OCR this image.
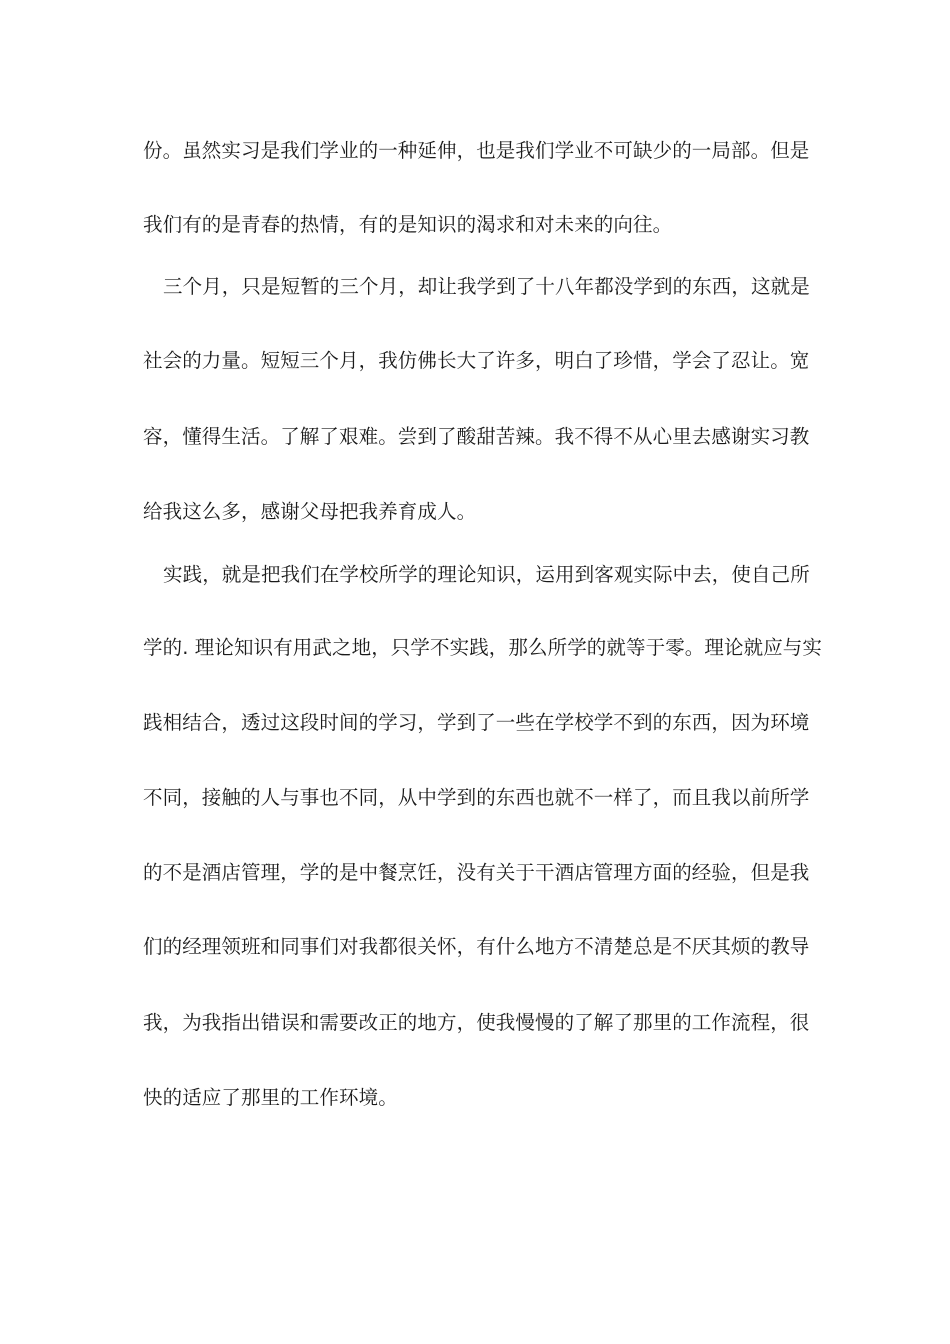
份。虽然实习是我们学业的一种延伸，也是我们学业不可缺少的一局部。但是
我们有的是青春的热情，有的是知识的渴求和对未来的向往。
三个月，只是短暂的三个月，却让我学到了十八年都没学到的东西，这就是
社会的力量。短短三个月，我仿佛长大了许多，明白了珍惜，学会了忍让。宽
容，懂得生活。了解了艰难。尝到了酸甜苦辣。我不得不从心里去感谢实习教
给我这么多，感谢父母把我养育成人。
实践，就是把我们在学校所学的理论知识，运用到客观实际中去，使自己所
学的. 理论知识有用武之地，只学不实践，那么所学的就等于零。理论就应与实
践相结合，透过这段时间的学习，学到了一些在学校学不到的东西，因为环境
不同，接触的人与事也不同，从中学到的东西也就不一样了，而且我以前所学
的不是酒店管理，学的是中餐烹饪，没有关于干酒店管理方面的经验，但是我
们的经理领班和同事们对我都很关怀，有什么地方不清楚总是不厌其烦的教导
我，为我指出错误和需要改正的地方，使我慢慢的了解了那里的工作流程，很
快的适应了那里的工作环境。
